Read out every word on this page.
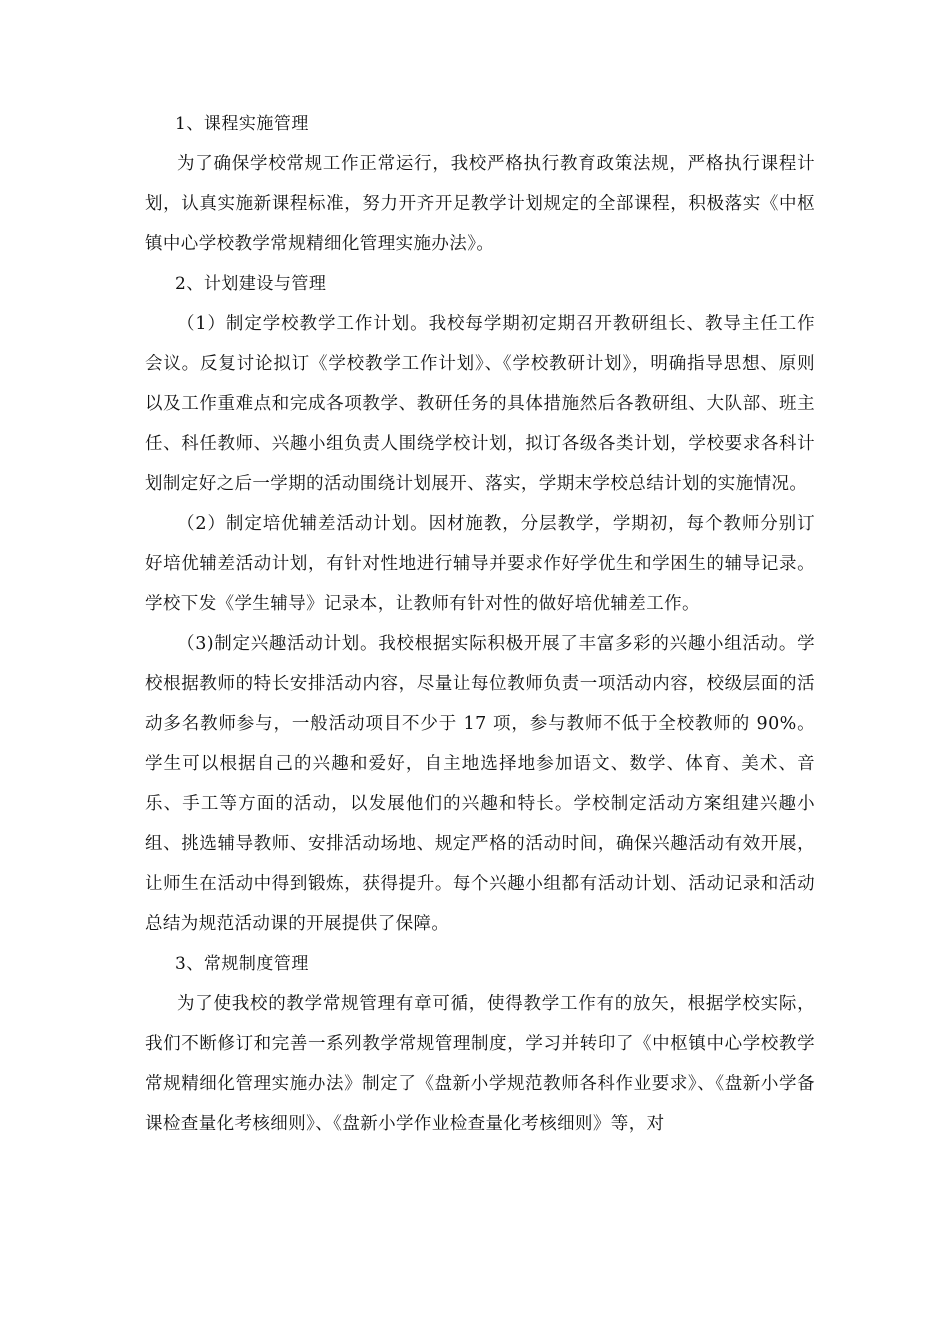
1、课程实施管理

为了确保学校常规工作正常运行，我校严格执行教育政策法规，严格执行课程计划，认真实施新课程标准，努力开齐开足教学计划规定的全部课程，积极落实《中枢镇中心学校教学常规精细化管理实施办法》。

2、计划建设与管理

（1）制定学校教学工作计划。我校每学期初定期召开教研组长、教导主任工作会议。反复讨论拟订《学校教学工作计划》、《学校教研计划》，明确指导思想、原则以及工作重难点和完成各项教学、教研任务的具体措施然后各教研组、大队部、班主任、科任教师、兴趣小组负责人围绕学校计划，拟订各级各类计划，学校要求各科计划制定好之后一学期的活动围绕计划展开、落实，学期末学校总结计划的实施情况。

（2）制定培优辅差活动计划。因材施教，分层教学，学期初，每个教师分别订好培优辅差活动计划，有针对性地进行辅导并要求作好学优生和学困生的辅导记录。学校下发《学生辅导》记录本，让教师有针对性的做好培优辅差工作。

（3)制定兴趣活动计划。我校根据实际积极开展了丰富多彩的兴趣小组活动。学校根据教师的特长安排活动内容，尽量让每位教师负责一项活动内容，校级层面的活动多名教师参与，一般活动项目不少于 17 项，参与教师不低于全校教师的 90%。学生可以根据自己的兴趣和爱好，自主地选择地参加语文、数学、体育、美术、音乐、手工等方面的活动，以发展他们的兴趣和特长。学校制定活动方案组建兴趣小组、挑选辅导教师、安排活动场地、规定严格的活动时间，确保兴趣活动有效开展，让师生在活动中得到锻炼，获得提升。每个兴趣小组都有活动计划、活动记录和活动总结为规范活动课的开展提供了保障。

3、常规制度管理

为了使我校的教学常规管理有章可循，使得教学工作有的放矢，根据学校实际，我们不断修订和完善一系列教学常规管理制度，学习并转印了《中枢镇中心学校教学常规精细化管理实施办法》制定了《盘新小学规范教师各科作业要求》、《盘新小学备课检查量化考核细则》、《盘新小学作业检查量化考核细则》等，对
